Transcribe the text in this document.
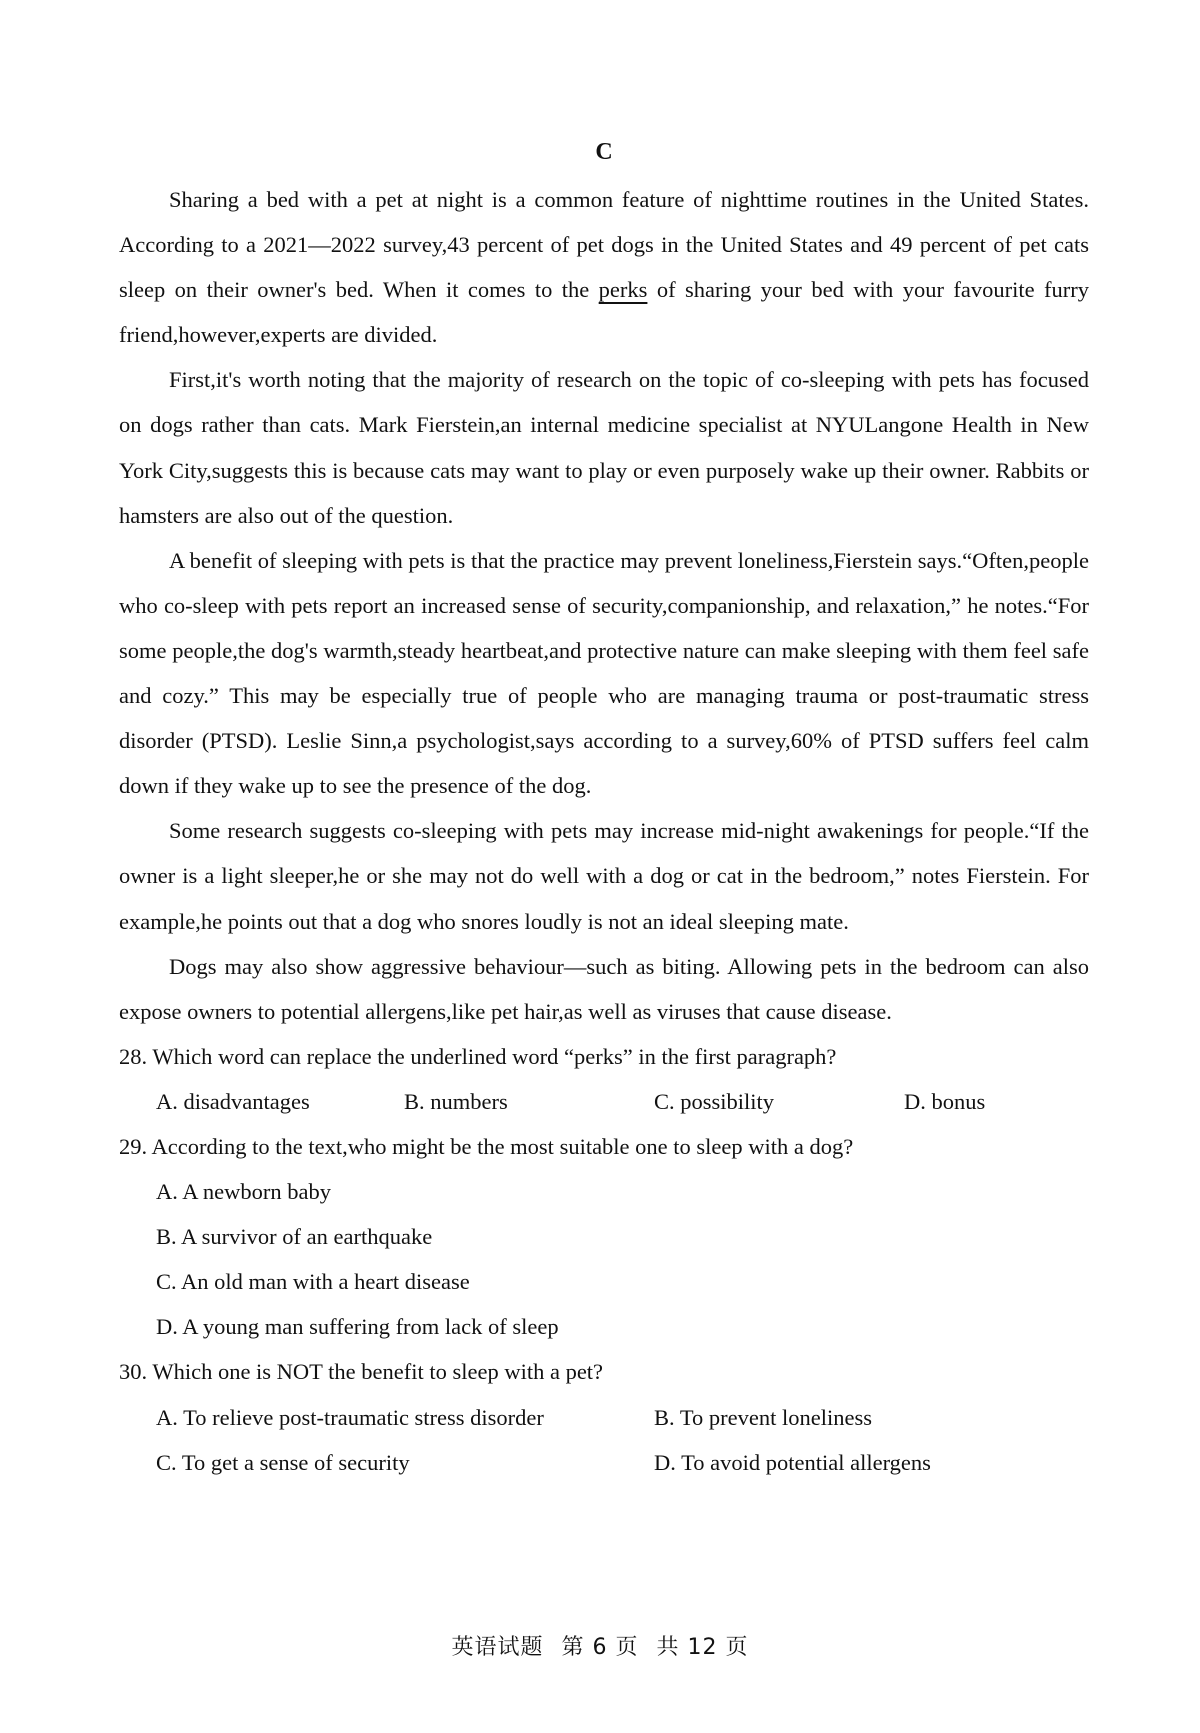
C

Sharing a bed with a pet at night is a common feature of nighttime routines in the United States. According to a 2021—2022 survey,43 percent of pet dogs in the United States and 49 percent of pet cats sleep on their owner's bed. When it comes to the perks of sharing your bed with your favourite furry friend,however,experts are divided.

First,it's worth noting that the majority of research on the topic of co-sleeping with pets has focused on dogs rather than cats. Mark Fierstein,an internal medicine specialist at NYULangone Health in New York City,suggests this is because cats may want to play or even purposely wake up their owner. Rabbits or hamsters are also out of the question.

A benefit of sleeping with pets is that the practice may prevent loneliness,Fierstein says.“Often,people who co-sleep with pets report an increased sense of security,companionship, and relaxation,” he notes.“For some people,the dog's warmth,steady heartbeat,and protective nature can make sleeping with them feel safe and cozy.” This may be especially true of people who are managing trauma or post-traumatic stress disorder (PTSD). Leslie Sinn,a psychologist,says according to a survey,60% of PTSD suffers feel calm down if they wake up to see the presence of the dog.

Some research suggests co-sleeping with pets may increase mid-night awakenings for people.“If the owner is a light sleeper,he or she may not do well with a dog or cat in the bedroom,” notes Fierstein. For example,he points out that a dog who snores loudly is not an ideal sleeping mate.

Dogs may also show aggressive behaviour—such as biting. Allowing pets in the bedroom can also expose owners to potential allergens,like pet hair,as well as viruses that cause disease.

28. Which word can replace the underlined word “perks” in the first paragraph?

A. disadvantages	B. numbers	C. possibility	D. bonus

29. According to the text,who might be the most suitable one to sleep with a dog?

A. A newborn baby

B. A survivor of an earthquake

C. An old man with a heart disease

D. A young man suffering from lack of sleep

30. Which one is NOT the benefit to sleep with a pet?

A. To relieve post-traumatic stress disorder	B. To prevent loneliness
C. To get a sense of security	D. To avoid potential allergens
英语试题 第 6 页 共 12 页
